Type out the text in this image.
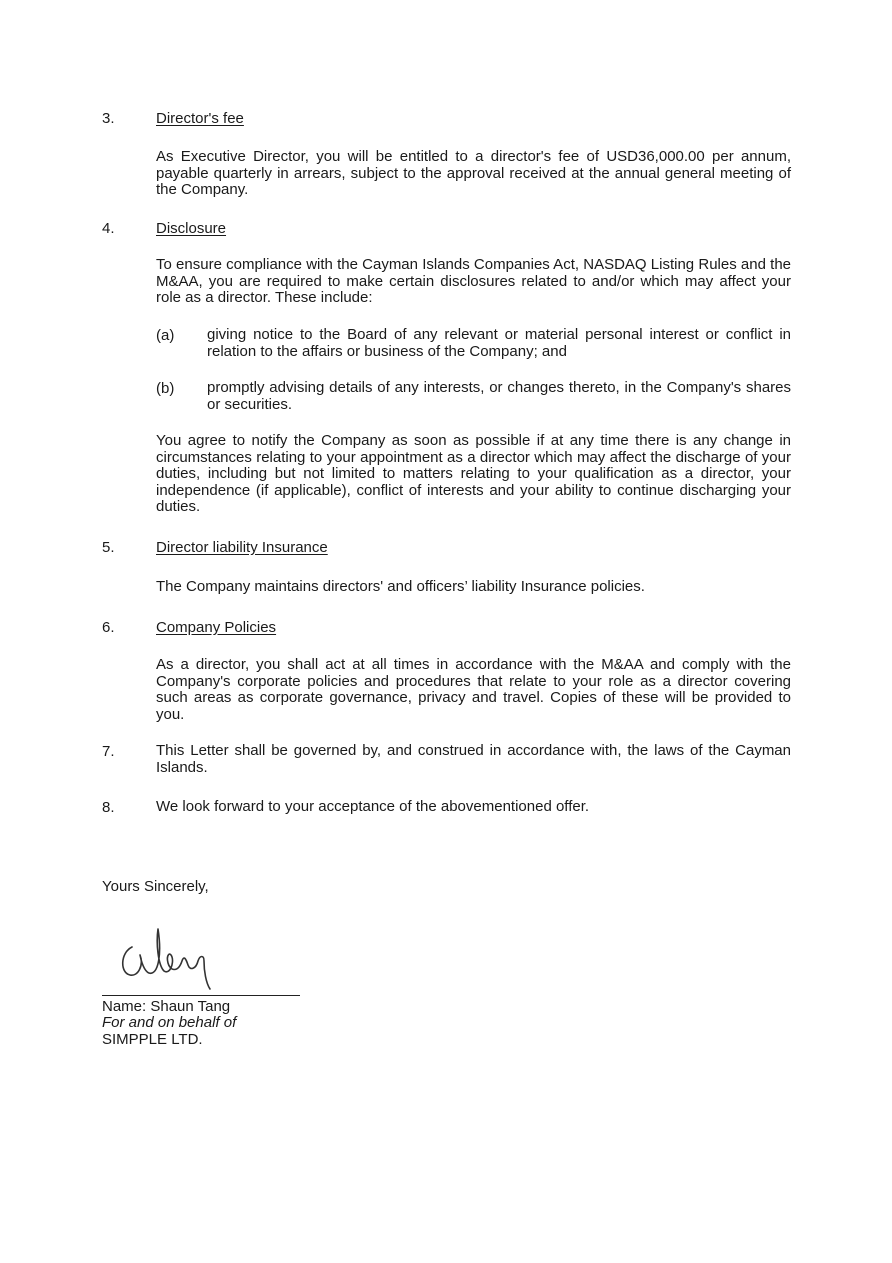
3.	Director's fee

As Executive Director, you will be entitled to a director's fee of USD36,000.00 per annum, payable quarterly in arrears, subject to the approval received at the annual general meeting of the Company.

4.	Disclosure

To ensure compliance with the Cayman Islands Companies Act, NASDAQ Listing Rules and the M&AA, you are required to make certain disclosures related to and/or which may affect your role as a director. These include:

(a) giving notice to the Board of any relevant or material personal interest or conflict in relation to the affairs or business of the Company; and

(b) promptly advising details of any interests, or changes thereto, in the Company's shares or securities.

You agree to notify the Company as soon as possible if at any time there is any change in circumstances relating to your appointment as a director which may affect the discharge of your duties, including but not limited to matters relating to your qualification as a director, your independence (if applicable), conflict of interests and your ability to continue discharging your duties.

5.	Director liability Insurance

The Company maintains directors' and officers’ liability Insurance policies.

6.	Company Policies

As a director, you shall act at all times in accordance with the M&AA and comply with the Company's corporate policies and procedures that relate to your role as a director covering such areas as corporate governance, privacy and travel. Copies of these will be provided to you.

7.	This Letter shall be governed by, and construed in accordance with, the laws of the Cayman Islands.

8.	We look forward to your acceptance of the abovementioned offer.

Yours Sincerely,
Name: Shaun Tang
For and on behalf of
SIMPPLE LTD.
